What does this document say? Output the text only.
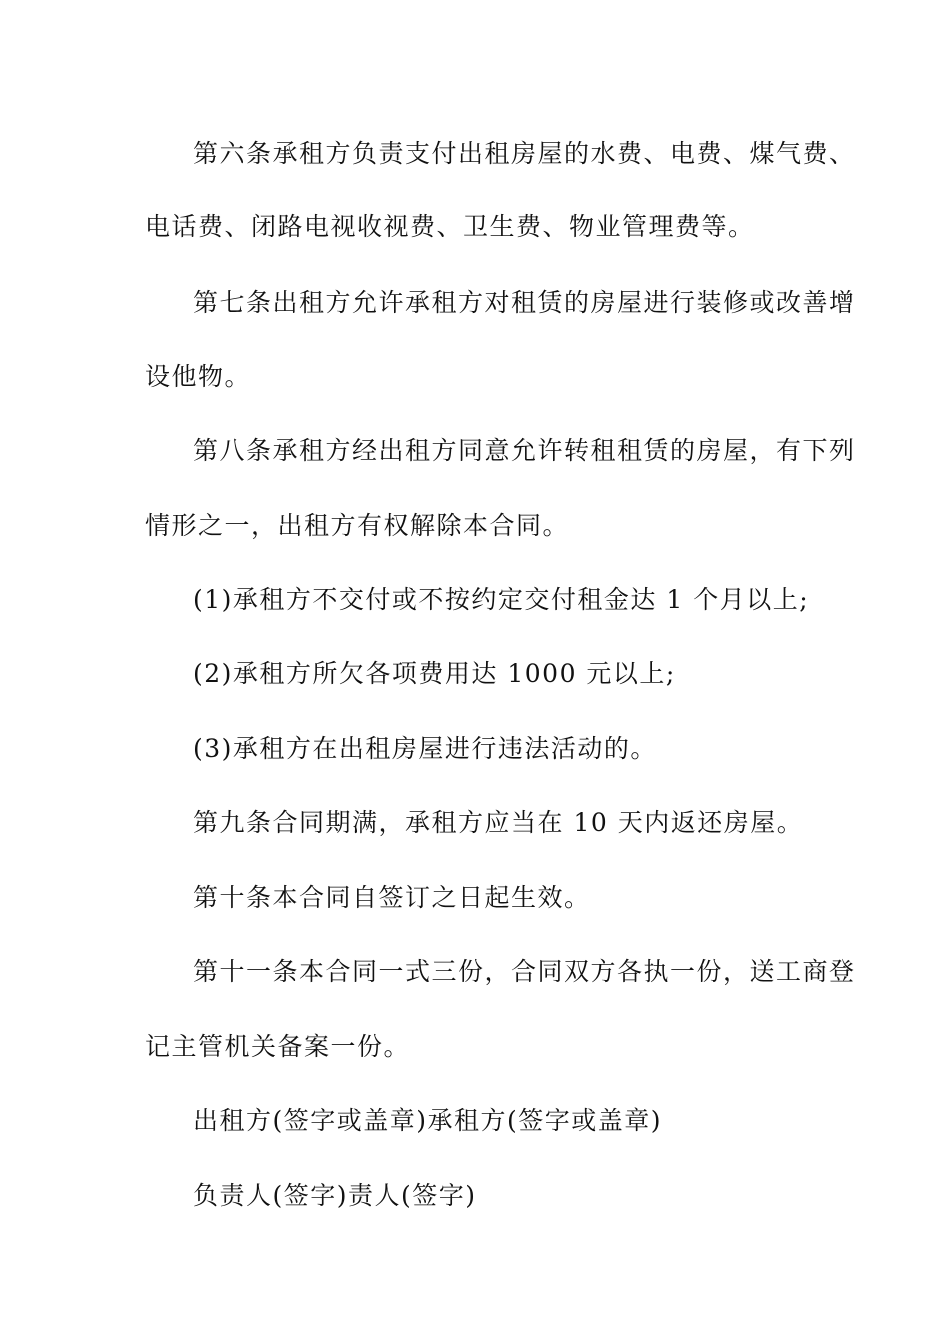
第六条承租方负责支付出租房屋的水费、电费、煤气费、
电话费、闭路电视收视费、卫生费、物业管理费等。
第七条出租方允许承租方对租赁的房屋进行装修或改善增
设他物。
第八条承租方经出租方同意允许转租租赁的房屋，有下列
情形之一，出租方有权解除本合同。
(1)承租方不交付或不按约定交付租金达 1 个月以上;
(2)承租方所欠各项费用达 1000 元以上;
(3)承租方在出租房屋进行违法活动的。
第九条合同期满，承租方应当在 10 天内返还房屋。
第十条本合同自签订之日起生效。
第十一条本合同一式三份，合同双方各执一份，送工商登
记主管机关备案一份。
出租方(签字或盖章)承租方(签字或盖章)
负责人(签字)责人(签字)
